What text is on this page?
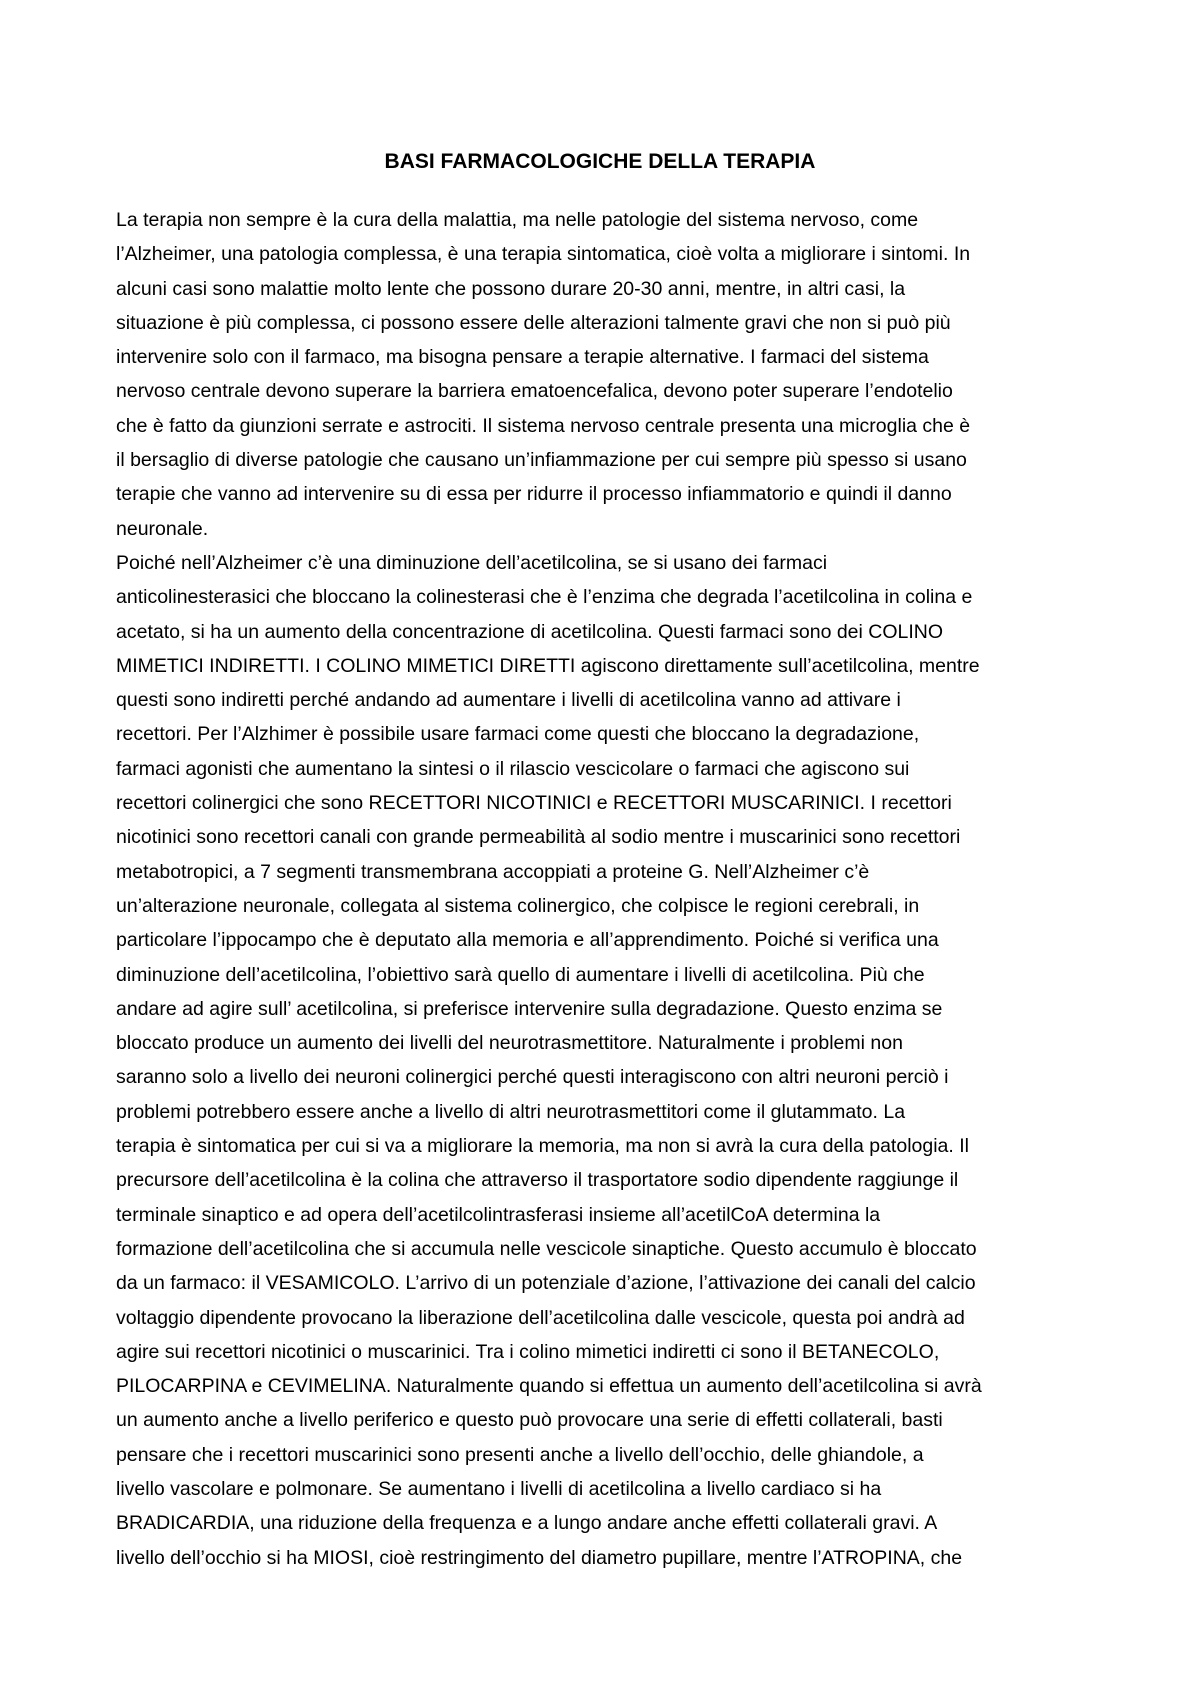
BASI FARMACOLOGICHE DELLA TERAPIA
La terapia non sempre è la cura della malattia, ma nelle patologie del sistema nervoso, come
l’Alzheimer, una patologia complessa, è una terapia sintomatica, cioè volta a migliorare i sintomi. In
alcuni casi sono malattie molto lente che possono durare 20-30 anni, mentre, in altri casi, la
situazione è più complessa, ci possono essere delle alterazioni talmente gravi che non si può più
intervenire solo con il farmaco, ma bisogna pensare a terapie alternative. I farmaci del sistema
nervoso centrale devono superare la barriera ematoencefalica, devono poter superare l’endotelio
che è fatto da giunzioni serrate e astrociti. Il sistema nervoso centrale presenta una microglia che è
il bersaglio di diverse patologie che causano un’infiammazione per cui sempre più spesso si usano
terapie che vanno ad intervenire su di essa per ridurre il processo infiammatorio e quindi il danno
neuronale.
Poiché nell’Alzheimer c’è una diminuzione dell’acetilcolina, se si usano dei farmaci
anticolinesterasici che bloccano la colinesterasi che è l’enzima che degrada l’acetilcolina in colina e
acetato, si ha un aumento della concentrazione di acetilcolina. Questi farmaci sono dei COLINO
MIMETICI INDIRETTI. I COLINO MIMETICI DIRETTI agiscono direttamente sull’acetilcolina, mentre
questi sono indiretti perché andando ad aumentare i livelli di acetilcolina vanno ad attivare i
recettori. Per l’Alzhimer è possibile usare farmaci come questi che bloccano la degradazione,
farmaci agonisti che aumentano la sintesi o il rilascio vescicolare o farmaci che agiscono sui
recettori colinergici che sono RECETTORI NICOTINICI e RECETTORI MUSCARINICI. I recettori
nicotinici sono recettori canali con grande permeabilità al sodio mentre i muscarinici sono recettori
metabotropici, a 7 segmenti transmembrana accoppiati a proteine G. Nell’Alzheimer c’è
un’alterazione neuronale, collegata al sistema colinergico, che colpisce le regioni cerebrali, in
particolare l’ippocampo che è deputato alla memoria e all’apprendimento. Poiché si verifica una
diminuzione dell’acetilcolina, l’obiettivo sarà quello di aumentare i livelli di acetilcolina. Più che
andare ad agire sull’ acetilcolina, si preferisce intervenire sulla degradazione. Questo enzima se
bloccato produce un aumento dei livelli del neurotrasmettitore. Naturalmente i problemi non
saranno solo a livello dei neuroni colinergici perché questi interagiscono con altri neuroni perciò i
problemi potrebbero essere anche a livello di altri neurotrasmettitori come il glutammato. La
terapia è sintomatica per cui si va a migliorare la memoria, ma non si avrà la cura della patologia. Il
precursore dell’acetilcolina è la colina che attraverso il trasportatore sodio dipendente raggiunge il
terminale sinaptico e ad opera dell’acetilcolintrasferasi insieme all’acetilCoA determina la
formazione dell’acetilcolina che si accumula nelle vescicole sinaptiche. Questo accumulo è bloccato
da un farmaco: il VESAMICOLO. L’arrivo di un potenziale d’azione, l’attivazione dei canali del calcio
voltaggio dipendente provocano la liberazione dell’acetilcolina dalle vescicole, questa poi andrà ad
agire sui recettori nicotinici o muscarinici. Tra i colino mimetici indiretti ci sono il BETANECOLO,
PILOCARPINA e CEVIMELINA. Naturalmente quando si effettua un aumento dell’acetilcolina si avrà
un aumento anche a livello periferico e questo può provocare una serie di effetti collaterali, basti
pensare che i recettori muscarinici sono presenti anche a livello dell’occhio, delle ghiandole, a
livello vascolare e polmonare. Se aumentano i livelli di acetilcolina a livello cardiaco si ha
BRADICARDIA, una riduzione della frequenza e a lungo andare anche effetti collaterali gravi. A
livello dell’occhio si ha MIOSI, cioè restringimento del diametro pupillare, mentre l’ATROPINA, che
